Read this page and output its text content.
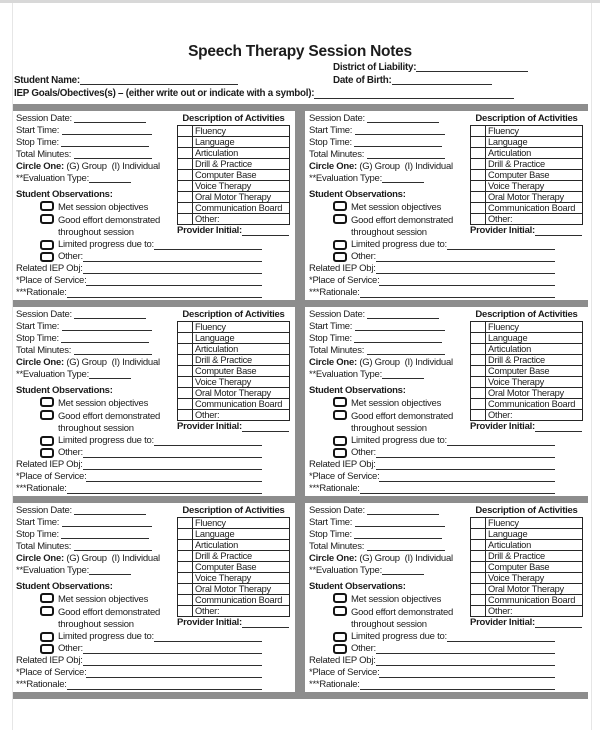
Speech Therapy Session Notes
District of Liability:
Student Name:	Date of Birth:
IEP Goals/Obectives(s) – (either write out or indicate with a symbol):
Session Date:
Start Time:
Stop Time:
Total Minutes:
Circle One: (G) Group  (I) Individual
**Evaluation Type:
Student Observations:
Met session objectives
Good effort demonstrated
throughout session
Description of Activities
	Fluency
	Language
	Articulation
	Drill & Practice
	Computer Base
	Voice Therapy
	Oral Motor Therapy
	Communication Board
	Other:
Provider Initial:
Limited progress due to:
Other:
Related IEP Obj:
*Place of Service:
***Rationale:
Session Date:
Start Time:
Stop Time:
Total Minutes:
Circle One: (G) Group  (I) Individual
**Evaluation Type:
Student Observations:
Met session objectives
Good effort demonstrated
throughout session
Description of Activities
	Fluency
	Language
	Articulation
	Drill & Practice
	Computer Base
	Voice Therapy
	Oral Motor Therapy
	Communication Board
	Other:
Provider Initial:
Limited progress due to:
Other:
Related IEP Obj:
*Place of Service:
***Rationale:
Session Date:
Start Time:
Stop Time:
Total Minutes:
Circle One: (G) Group  (I) Individual
**Evaluation Type:
Student Observations:
Met session objectives
Good effort demonstrated
throughout session
Description of Activities
	Fluency
	Language
	Articulation
	Drill & Practice
	Computer Base
	Voice Therapy
	Oral Motor Therapy
	Communication Board
	Other:
Provider Initial:
Limited progress due to:
Other:
Related IEP Obj:
*Place of Service:
***Rationale:
Session Date:
Start Time:
Stop Time:
Total Minutes:
Circle One: (G) Group  (I) Individual
**Evaluation Type:
Student Observations:
Met session objectives
Good effort demonstrated
throughout session
Description of Activities
	Fluency
	Language
	Articulation
	Drill & Practice
	Computer Base
	Voice Therapy
	Oral Motor Therapy
	Communication Board
	Other:
Provider Initial:
Limited progress due to:
Other:
Related IEP Obj:
*Place of Service:
***Rationale:
Session Date:
Start Time:
Stop Time:
Total Minutes:
Circle One: (G) Group  (I) Individual
**Evaluation Type:
Student Observations:
Met session objectives
Good effort demonstrated
throughout session
Description of Activities
	Fluency
	Language
	Articulation
	Drill & Practice
	Computer Base
	Voice Therapy
	Oral Motor Therapy
	Communication Board
	Other:
Provider Initial:
Limited progress due to:
Other:
Related IEP Obj:
*Place of Service:
***Rationale:
Session Date:
Start Time:
Stop Time:
Total Minutes:
Circle One: (G) Group  (I) Individual
**Evaluation Type:
Student Observations:
Met session objectives
Good effort demonstrated
throughout session
Description of Activities
	Fluency
	Language
	Articulation
	Drill & Practice
	Computer Base
	Voice Therapy
	Oral Motor Therapy
	Communication Board
	Other:
Provider Initial:
Limited progress due to:
Other:
Related IEP Obj:
*Place of Service:
***Rationale:
